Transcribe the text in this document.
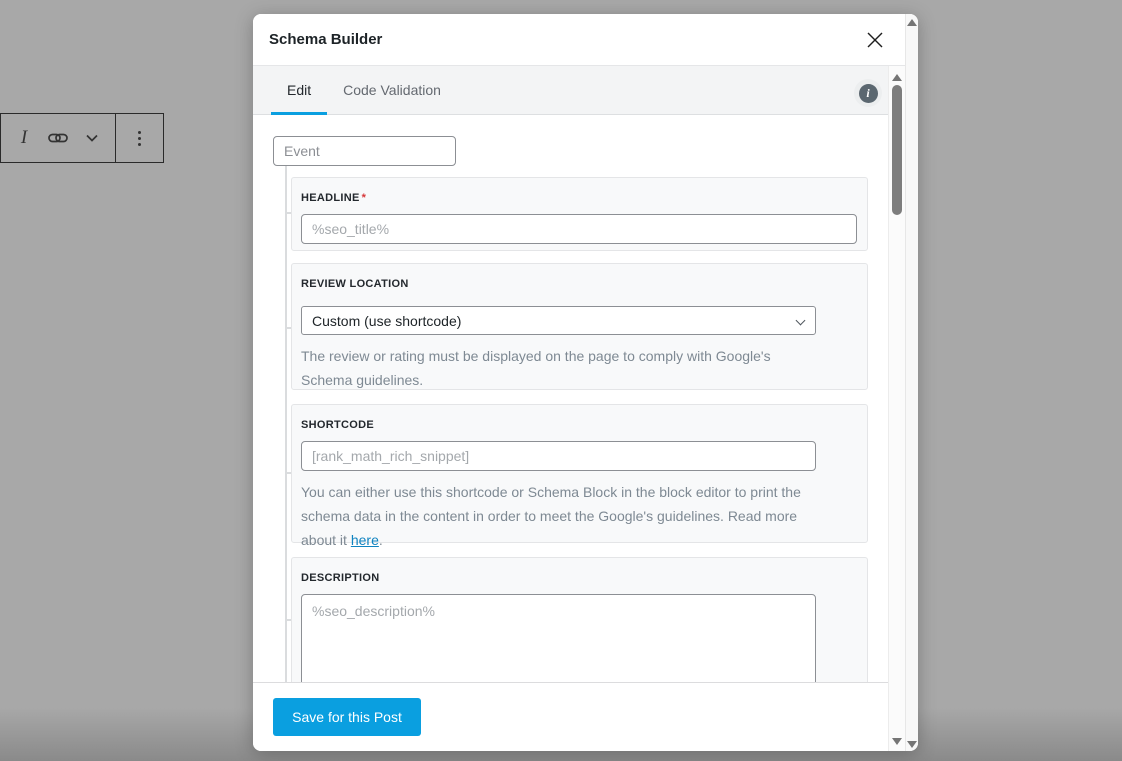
I
Schema Builder
Edit	Code Validation	i
Event
HEADLINE *
%seo_title%
REVIEW LOCATION
Custom (use shortcode)
The review or rating must be displayed on the page to comply with Google's Schema guidelines.
SHORTCODE
[rank_math_rich_snippet]
You can either use this shortcode or Schema Block in the block editor to print the schema data in the content in order to meet the Google's guidelines. Read more about it here.
DESCRIPTION
%seo_description%
Save for this Post
